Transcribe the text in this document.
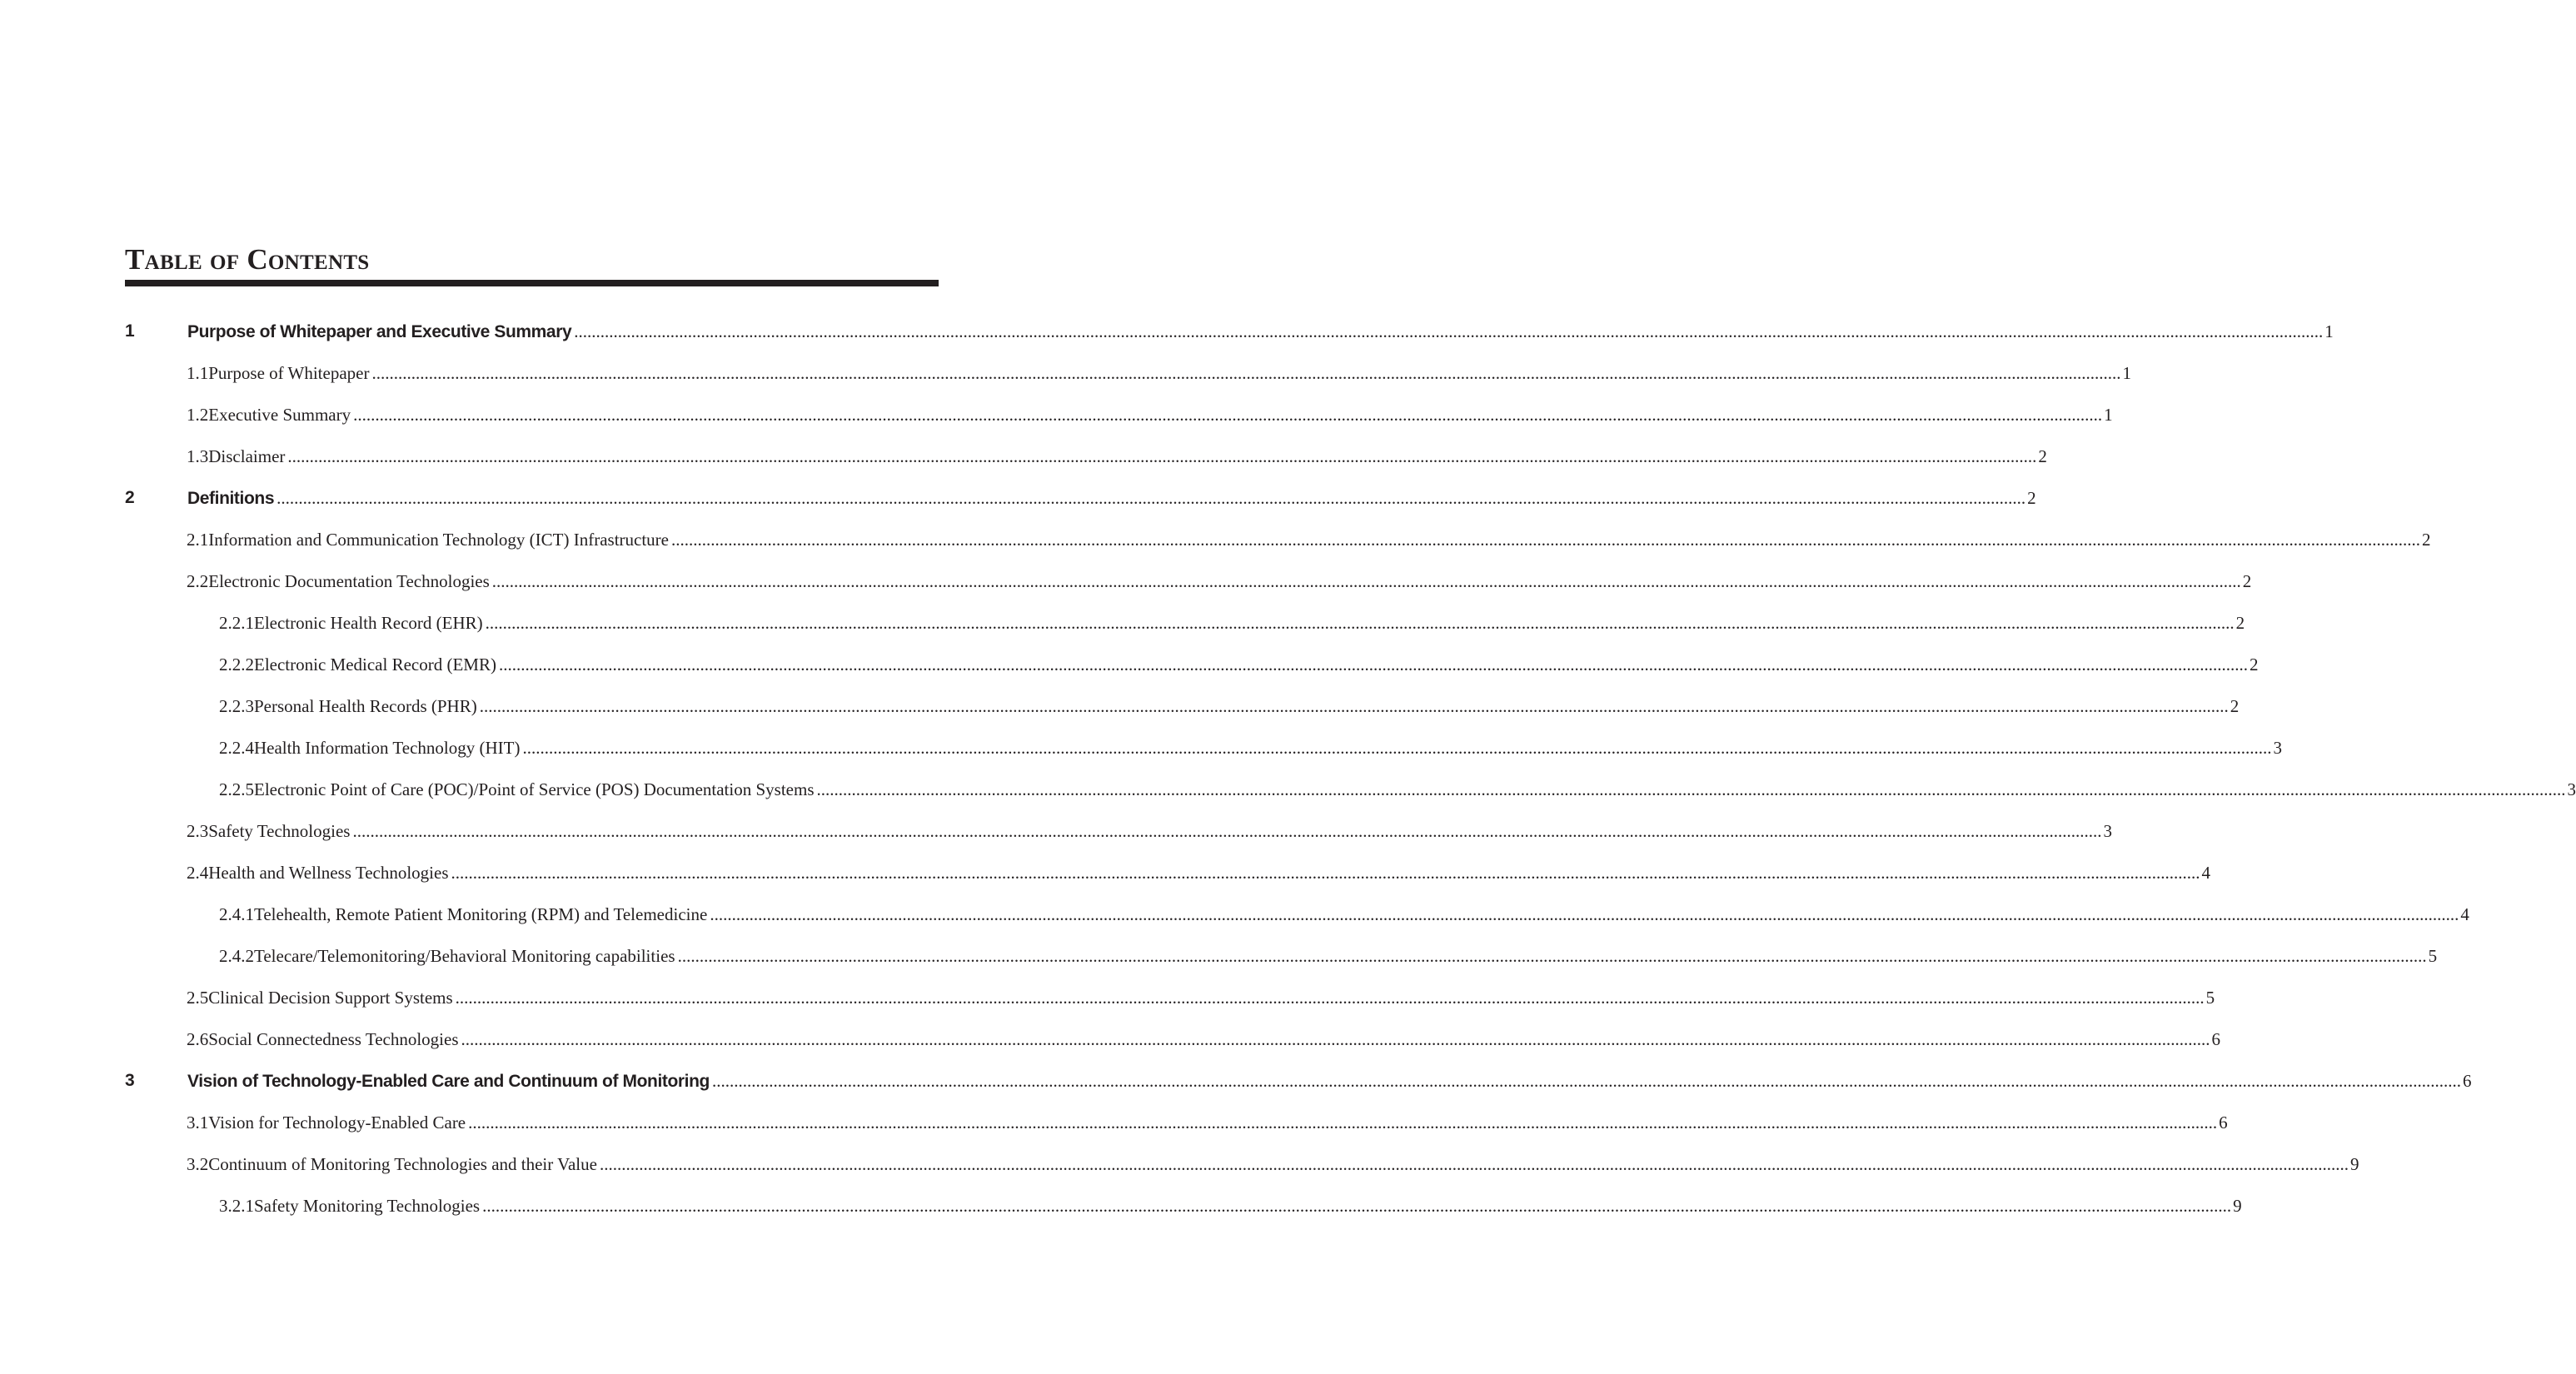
Table of Contents
1	Purpose of Whitepaper and Executive Summary ................................................................................................................................................................................................................................................................................................................................................................................................................ 1
1.1 Purpose of Whitepaper ................................................................................................................................................................................................................................................................................................................................................................................................................ 1
1.2 Executive Summary ................................................................................................................................................................................................................................................................................................................................................................................................................ 1
1.3 Disclaimer ................................................................................................................................................................................................................................................................................................................................................................................................................ 2
2	Definitions ................................................................................................................................................................................................................................................................................................................................................................................................................ 2
2.1 Information and Communication Technology (ICT) Infrastructure ................................................................................................................................................................................................................................................................................................................................................................................................................ 2
2.2 Electronic Documentation Technologies ................................................................................................................................................................................................................................................................................................................................................................................................................ 2
2.2.1 Electronic Health Record (EHR) ................................................................................................................................................................................................................................................................................................................................................................................................................ 2
2.2.2 Electronic Medical Record (EMR) ................................................................................................................................................................................................................................................................................................................................................................................................................ 2
2.2.3 Personal Health Records (PHR) ................................................................................................................................................................................................................................................................................................................................................................................................................ 2
2.2.4 Health Information Technology (HIT) ................................................................................................................................................................................................................................................................................................................................................................................................................ 3
2.2.5 Electronic Point of Care (POC)/Point of Service (POS) Documentation Systems ................................................................................................................................................................................................................................................................................................................................................................................................................ 3
2.3 Safety Technologies ................................................................................................................................................................................................................................................................................................................................................................................................................ 3
2.4 Health and Wellness Technologies ................................................................................................................................................................................................................................................................................................................................................................................................................ 4
2.4.1 Telehealth, Remote Patient Monitoring (RPM) and Telemedicine ................................................................................................................................................................................................................................................................................................................................................................................................................ 4
2.4.2 Telecare/Telemonitoring/Behavioral Monitoring capabilities ................................................................................................................................................................................................................................................................................................................................................................................................................ 5
2.5 Clinical Decision Support Systems ................................................................................................................................................................................................................................................................................................................................................................................................................ 5
2.6 Social Connectedness Technologies ................................................................................................................................................................................................................................................................................................................................................................................................................ 6
3	Vision of Technology-Enabled Care and Continuum of Monitoring ................................................................................................................................................................................................................................................................................................................................................................................................................ 6
3.1 Vision for Technology-Enabled Care ................................................................................................................................................................................................................................................................................................................................................................................................................ 6
3.2 Continuum of Monitoring Technologies and their Value ................................................................................................................................................................................................................................................................................................................................................................................................................ 9
3.2.1 Safety Monitoring Technologies ................................................................................................................................................................................................................................................................................................................................................................................................................ 9
